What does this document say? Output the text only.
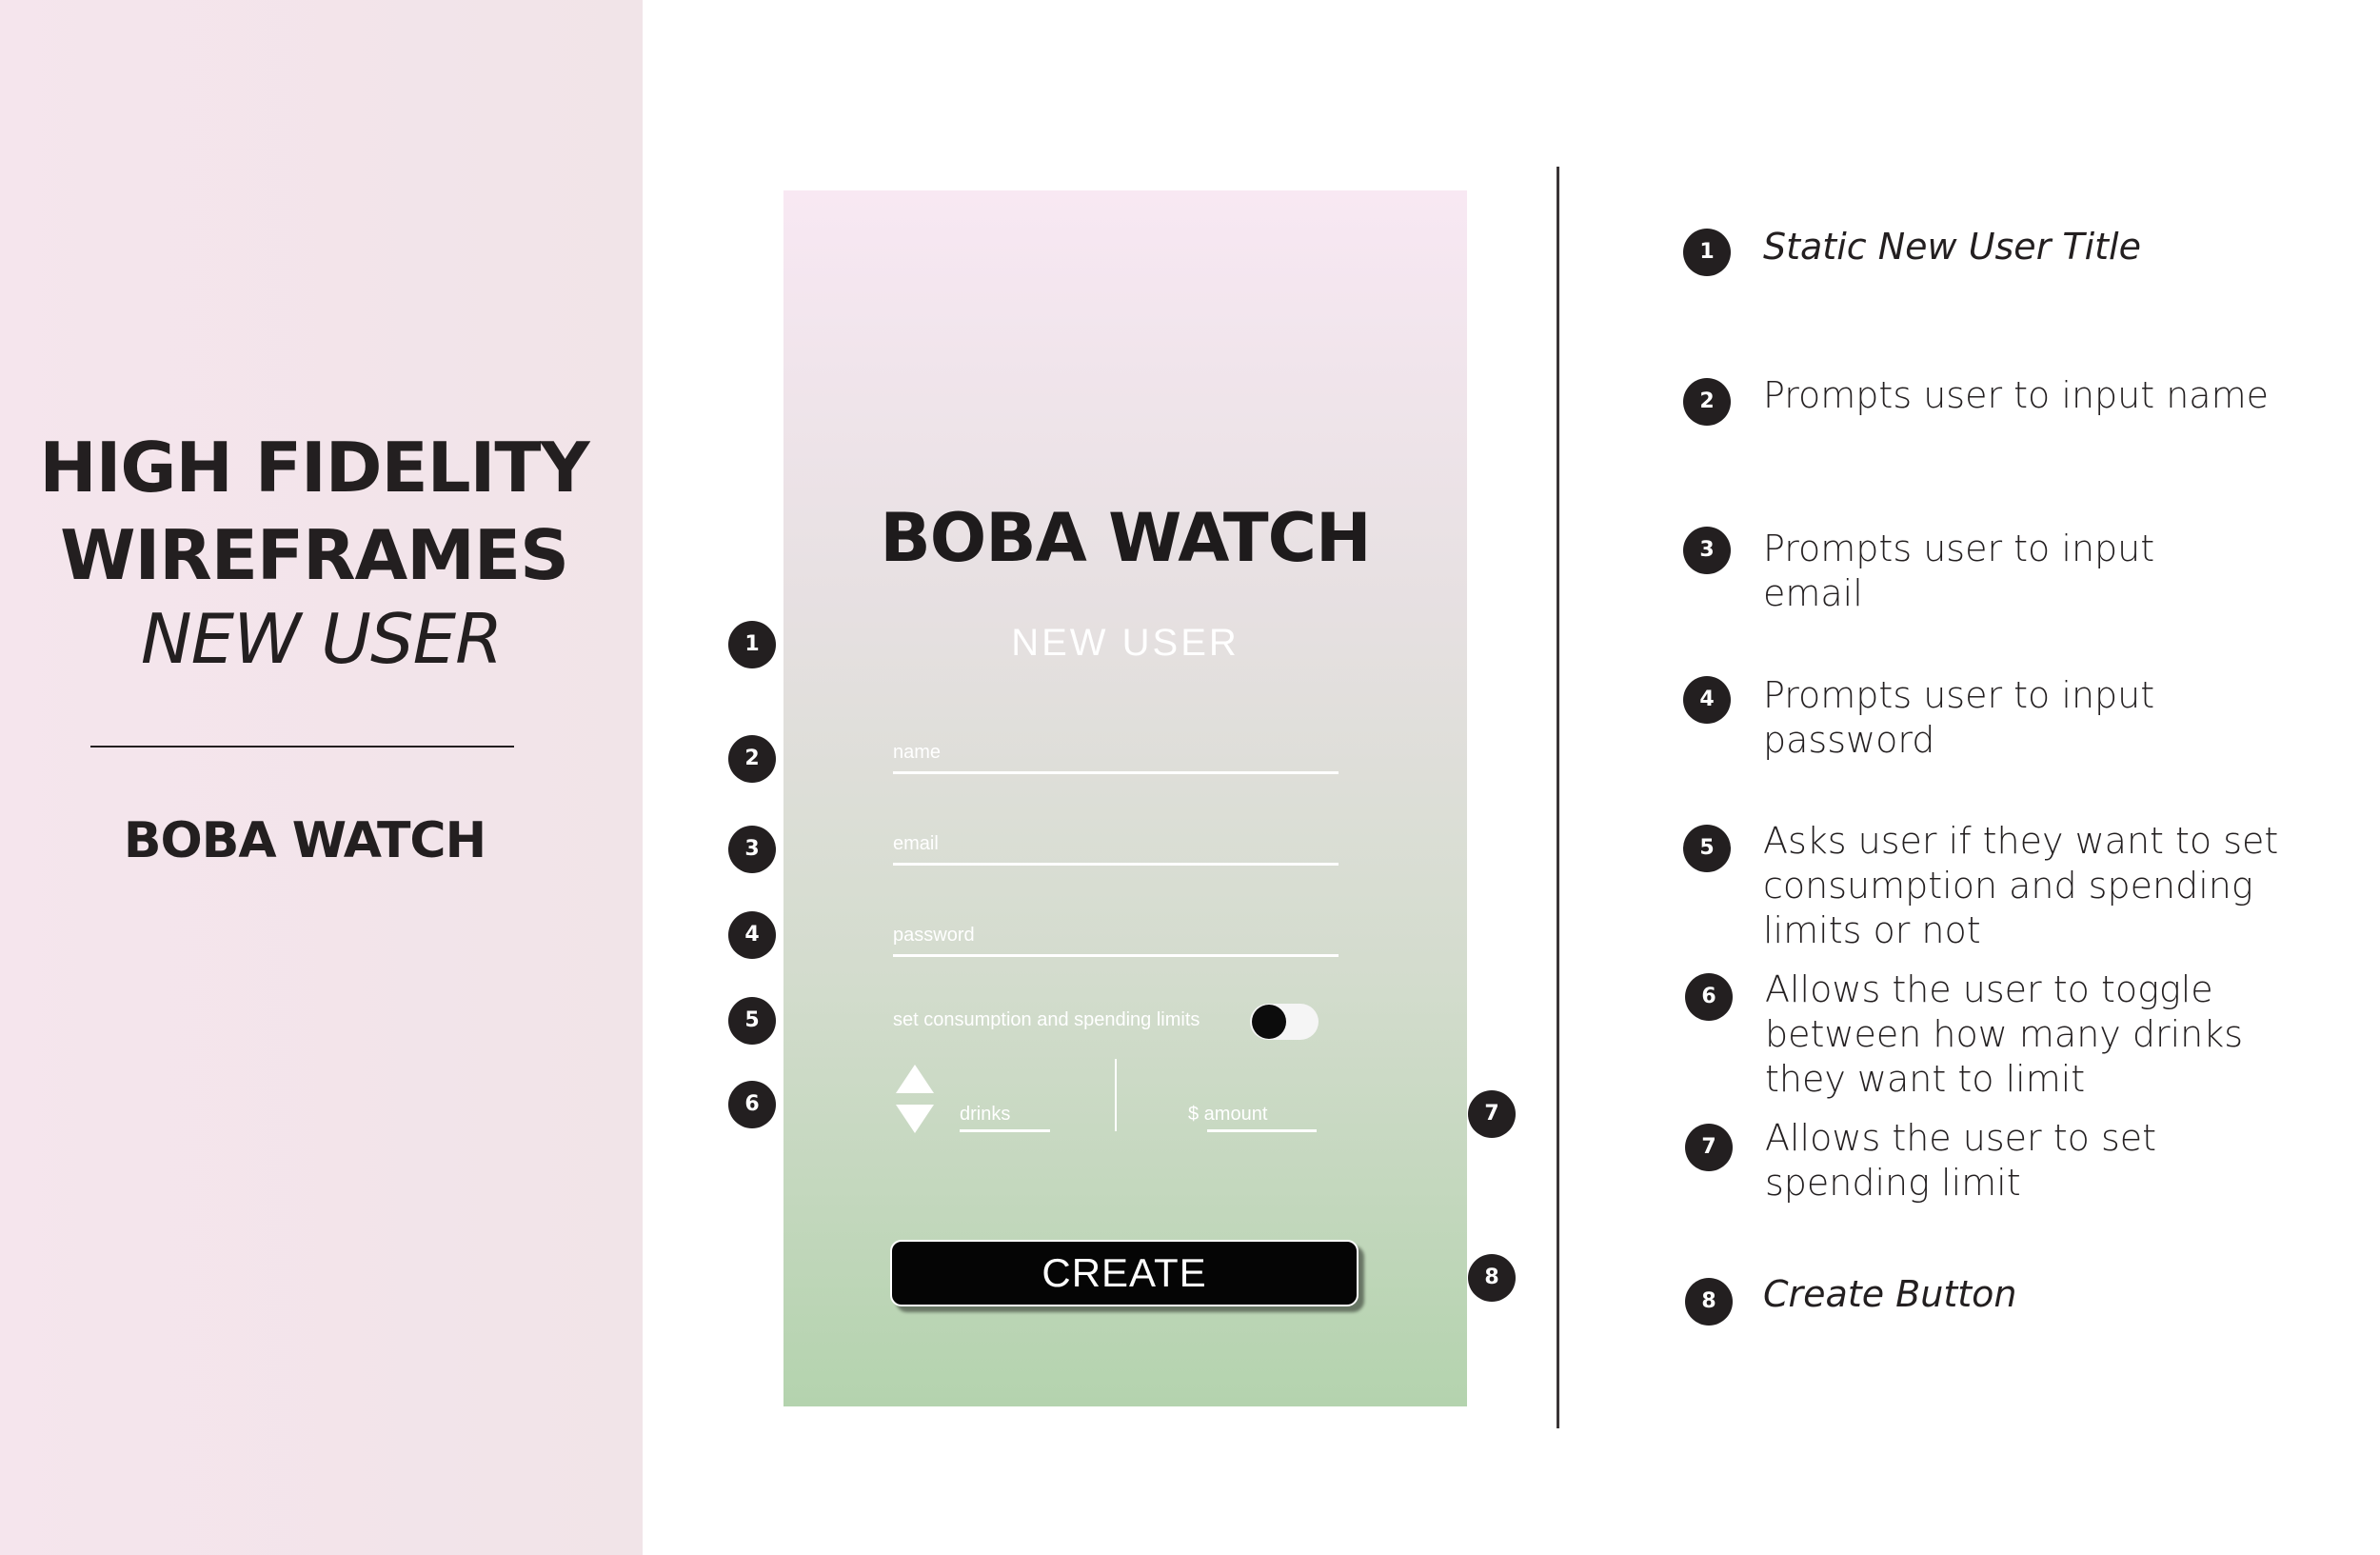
HIGH FIDELITY
WIREFRAMES
NEW USER
BOBA WATCH
BOBA WATCH
NEW USER
name
email
password
set consumption and spending limits
drinks	$ amount
CREATE
1
2
3
4
5
6	7
8
1	Static New User Title
2	Prompts user to input name
3	Prompts user to input email
4	Prompts user to input password
5	Asks user if they want to set consumption and spending limits or not
6	Allows the user to toggle between how many drinks they want to limit
7	Allows the user to set spending limit
8	Create Button
